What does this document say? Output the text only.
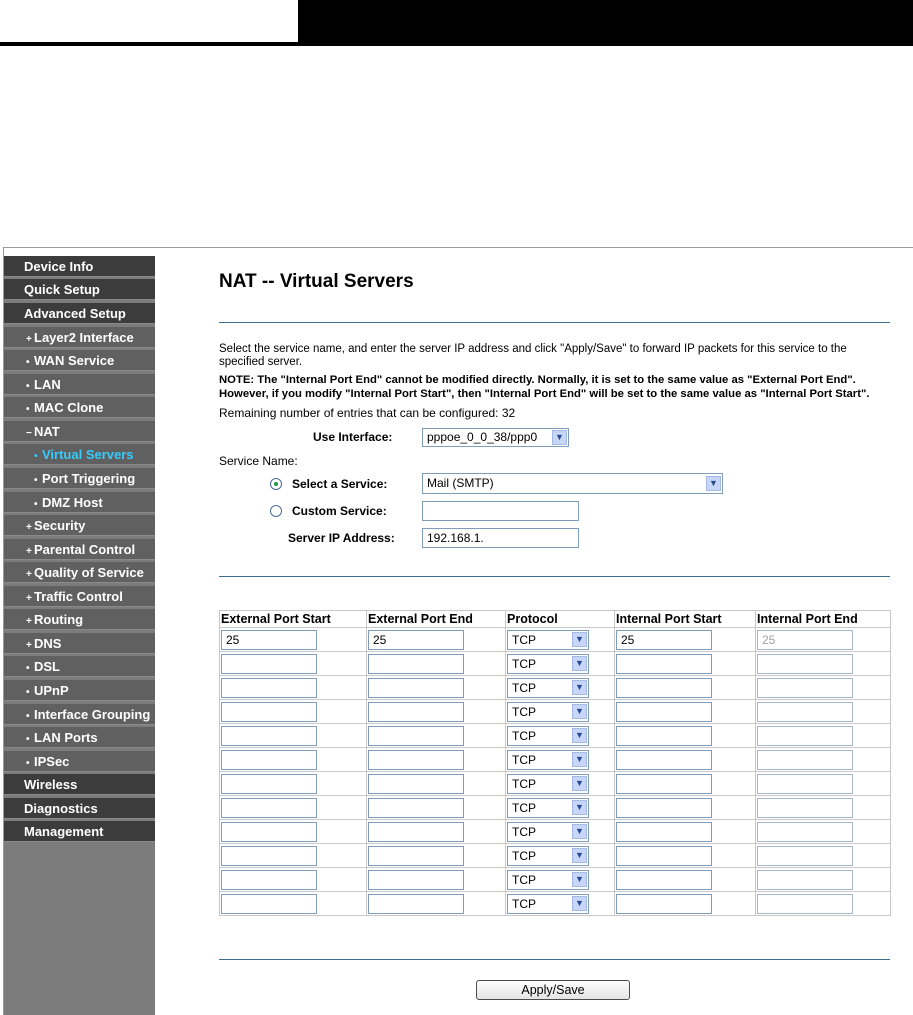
Device Info
Quick Setup
Advanced Setup
+ Layer2 Interface
• WAN Service
• LAN
• MAC Clone
− NAT
• Virtual Servers
• Port Triggering
• DMZ Host
+ Security
+ Parental Control
+ Quality of Service
+ Traffic Control
+ Routing
+ DNS
• DSL
• UPnP
• Interface Grouping
• LAN Ports
• IPSec
Wireless
Diagnostics
Management
NAT -- Virtual Servers
Select the service name, and enter the server IP address and click "Apply/Save" to forward IP packets for this service to the
specified server.
NOTE: The "Internal Port End" cannot be modified directly. Normally, it is set to the same value as "External Port End".
However, if you modify "Internal Port Start", then "Internal Port End" will be set to the same value as "Internal Port Start".
Remaining number of entries that can be configured: 32
Use Interface:	pppoe_0_0_38/ppp0	▼
Service Name:
Select a Service:	Mail (SMTP)	▼
Custom Service:
Server IP Address:	192.168.1.
External Port Start	External Port End	Protocol	Internal Port Start	Internal Port End

25	25	TCP ▼	25	25

		TCP ▼		

		TCP ▼		

		TCP ▼		

		TCP ▼		

		TCP ▼		

		TCP ▼		

		TCP ▼		

		TCP ▼		

		TCP ▼		

		TCP ▼		

		TCP ▼		

Apply/Save
